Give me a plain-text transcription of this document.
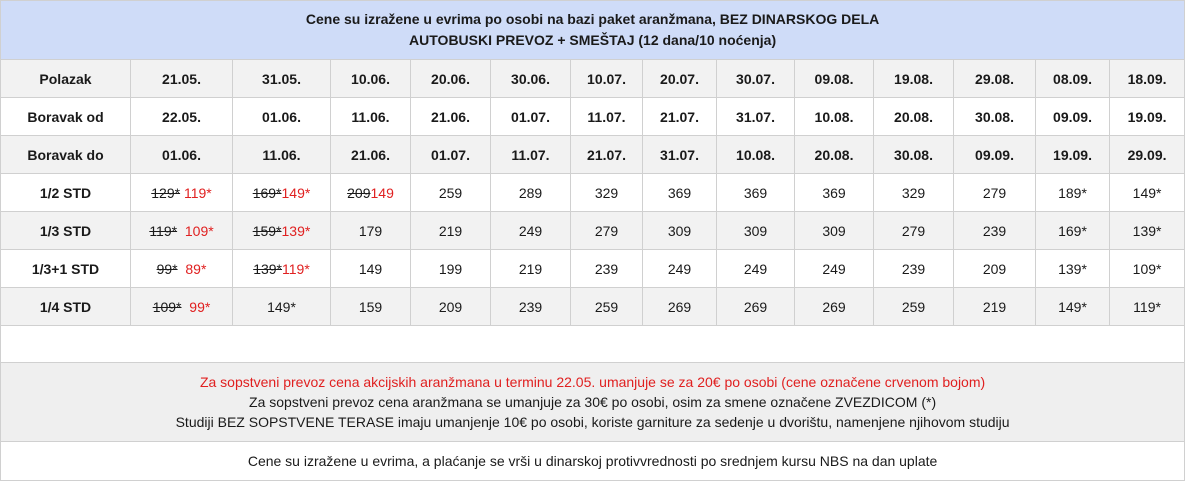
Cene su izražene u evrima po osobi na bazi paket aranžmana, BEZ DINARSKOG DELA
AUTOBUSKI PREVOZ + SMEŠTAJ (12 dana/10 noćenja)													
Polazak	21.05.	31.05.	10.06.	20.06.	30.06.	10.07.	20.07.	30.07.	09.08.	19.08.	29.08.	08.09.	18.09.
Boravak od	22.05.	01.06.	11.06.	21.06.	01.07.	11.07.	21.07.	31.07.	10.08.	20.08.	30.08.	09.09.	19.09.
Boravak do	01.06.	11.06.	21.06.	01.07.	11.07.	21.07.	31.07.	10.08.	20.08.	30.08.	09.09.	19.09.	29.09.
1/2 STD	129* 119*	169*149*	209149	259	289	329	369	369	369	329	279	189*	149*
1/3 STD	119*  109*	159*139*	179	219	249	279	309	309	309	279	239	169*	139*
1/3+1 STD	99*  89*	139*119*	149	199	219	239	249	249	249	239	209	139*	109*
1/4 STD	109*  99*	149*	159	209	239	259	269	269	269	259	219	149*	119*

Za sopstveni prevoz cena akcijskih aranžmana u terminu 22.05. umanjuje se za 20€ po osobi (cene označene crvenom bojom)
Za sopstveni prevoz cena aranžmana se umanjuje za 30€ po osobi, osim za smene označene ZVEZDICOM (*)
Studiji BEZ SOPSTVENE TERASE imaju umanjenje 10€ po osobi, koriste garniture za sedenje u dvorištu, namenjene njihovom studiju													
Cene su izražene u evrima, a plaćanje se vrši u dinarskoj protivvrednosti po srednjem kursu NBS na dan uplate													
